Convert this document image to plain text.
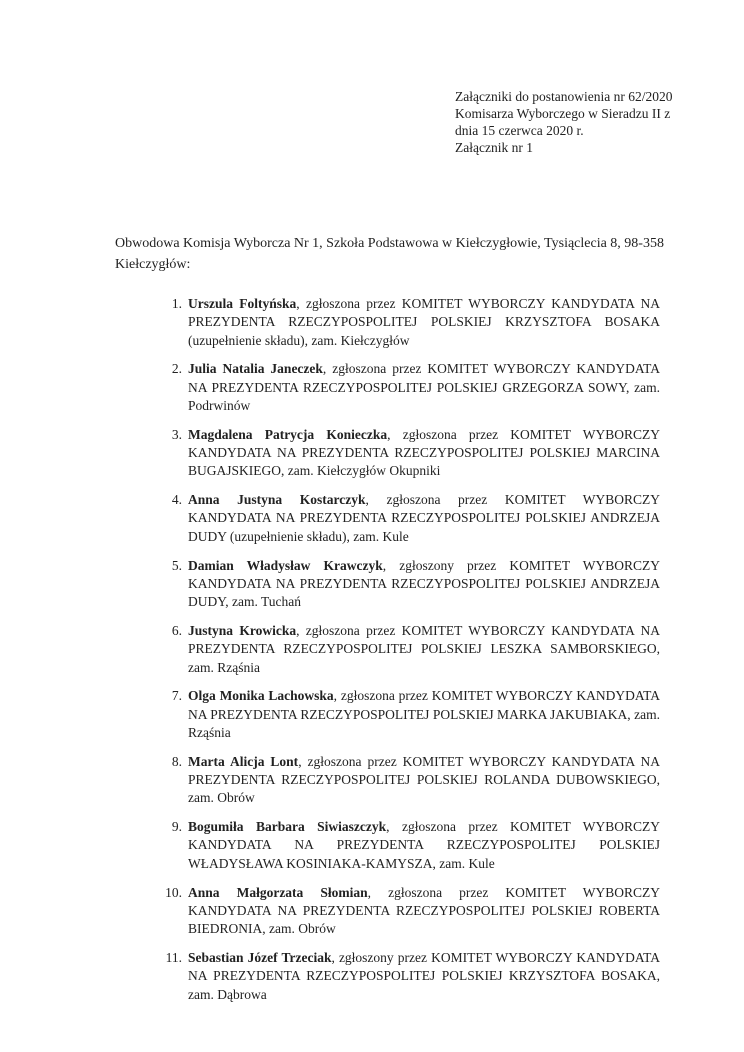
Załączniki do postanowienia nr 62/2020
Komisarza Wyborczego w Sieradzu II z
dnia 15 czerwca 2020 r.
Załącznik nr 1
Obwodowa Komisja Wyborcza Nr 1, Szkoła Podstawowa w Kiełczygłowie, Tysiąclecia 8, 98-358 Kiełczygłów:
1. Urszula Foltyńska, zgłoszona przez KOMITET WYBORCZY KANDYDATA NA PREZYDENTA RZECZYPOSPOLITEJ POLSKIEJ KRZYSZTOFA BOSAKA (uzupełnienie składu), zam. Kiełczygłów
2. Julia Natalia Janeczek, zgłoszona przez KOMITET WYBORCZY KANDYDATA NA PREZYDENTA RZECZYPOSPOLITEJ POLSKIEJ GRZEGORZA SOWY, zam. Podrwinów
3. Magdalena Patrycja Konieczka, zgłoszona przez KOMITET WYBORCZY KANDYDATA NA PREZYDENTA RZECZYPOSPOLITEJ POLSKIEJ MARCINA BUGAJSKIEGO, zam. Kiełczygłów Okupniki
4. Anna Justyna Kostarczyk, zgłoszona przez KOMITET WYBORCZY KANDYDATA NA PREZYDENTA RZECZYPOSPOLITEJ POLSKIEJ ANDRZEJA DUDY (uzupełnienie składu), zam. Kule
5. Damian Władysław Krawczyk, zgłoszony przez KOMITET WYBORCZY KANDYDATA NA PREZYDENTA RZECZYPOSPOLITEJ POLSKIEJ ANDRZEJA DUDY, zam. Tuchań
6. Justyna Krowicka, zgłoszona przez KOMITET WYBORCZY KANDYDATA NA PREZYDENTA RZECZYPOSPOLITEJ POLSKIEJ LESZKA SAMBORSKIEGO, zam. Rząśnia
7. Olga Monika Lachowska, zgłoszona przez KOMITET WYBORCZY KANDYDATA NA PREZYDENTA RZECZYPOSPOLITEJ POLSKIEJ MARKA JAKUBIAKA, zam. Rząśnia
8. Marta Alicja Lont, zgłoszona przez KOMITET WYBORCZY KANDYDATA NA PREZYDENTA RZECZYPOSPOLITEJ POLSKIEJ ROLANDA DUBOWSKIEGO, zam. Obrów
9. Bogumiła Barbara Siwiaszczyk, zgłoszona przez KOMITET WYBORCZY KANDYDATA NA PREZYDENTA RZECZYPOSPOLITEJ POLSKIEJ WŁADYSŁAWA KOSINIAKA-KAMYSZA, zam. Kule
10. Anna Małgorzata Słomian, zgłoszona przez KOMITET WYBORCZY KANDYDATA NA PREZYDENTA RZECZYPOSPOLITEJ POLSKIEJ ROBERTA BIEDRONIA, zam. Obrów
11. Sebastian Józef Trzeciak, zgłoszony przez KOMITET WYBORCZY KANDYDATA NA PREZYDENTA RZECZYPOSPOLITEJ POLSKIEJ KRZYSZTOFA BOSAKA, zam. Dąbrowa
